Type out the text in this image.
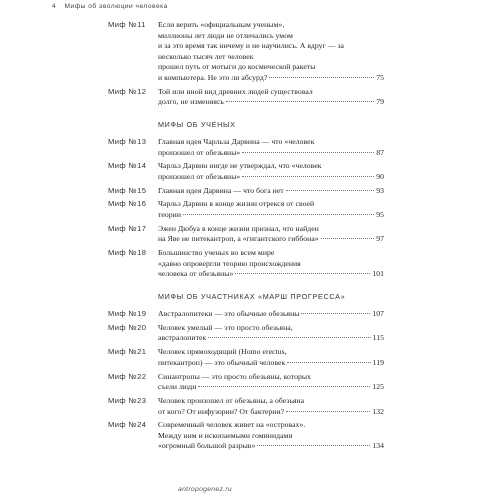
4 Мифы об эволюции человека
Миф №11 Если верить «официальным ученым»,
миллионы лет люди не отличались умом
и за это время так ничему и не научились. А вдруг — за
несколько тысяч лет человек
прошел путь от мотыги до космической ракеты
и компьютера. Не это ли абсурд?	75
Миф №12 Той или иной вид древних людей существовал
долго, не изменяясь	79
МИФЫ ОБ УЧЕНЫХ
Миф №13 Главная идея Чарльза Дарвина — что «человек
произошел от обезьяны»	87
Миф №14 Чарльз Дарвин нигде не утверждал, что «человек
произошел от обезьяны»	90
Миф №15 Главная идея Дарвина — что бога нет	93
Миф №16 Чарльз Дарвин в конце жизни отрекся от своей
теории	95
Миф №17 Эжен Дюбуа в конце жизни признал, что найден
на Яве не питекантроп, а «гигантского гиббона»	97
Миф №18 Большинство ученых во всем мире
«давно опровергли теорию происхождения
человека от обезьяны»	101
МИФЫ ОБ УЧАСТНИКАХ «МАРШ ПРОГРЕССА»
Миф №19 Австралопитеки — это обычные обезьяны	107
Миф №20 Человек умелый — это просто обезьяна,
австралопитек	115
Миф №21 Человек прямоходящий (Homo erectus,
питекантроп) — это обычный человек	119
Миф №22 Синантропы — это просто обезьяны, которых
съели люди	125
Миф №23 Человек произошел от обезьяны, а обезьяна
от кого? От инфузории? От бактерии?	132
Миф №24 Современный человек живет на «островах».
Между ним и ископаемыми гоминидами
«огромный большой разрыв»	134
antropogenez.ru
